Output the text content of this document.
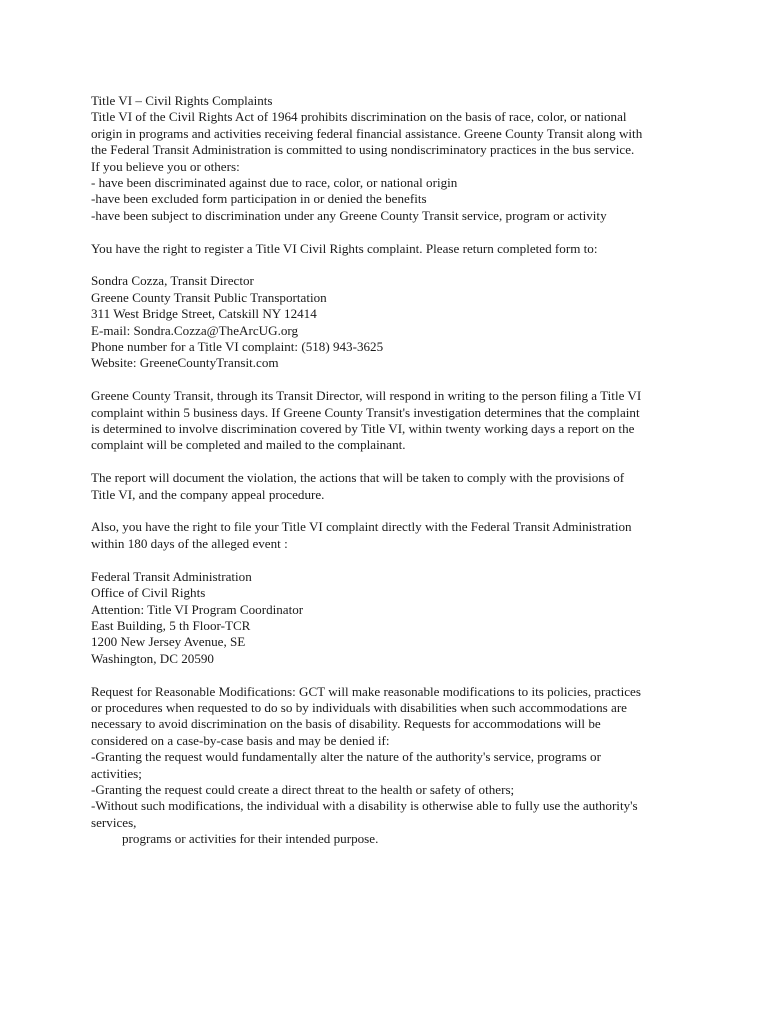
Title VI – Civil Rights Complaints
Title VI of the Civil Rights Act of 1964 prohibits discrimination on the basis of race, color, or national
origin in programs and activities receiving federal financial assistance. Greene County Transit along with
the Federal Transit Administration is committed to using nondiscriminatory practices in the bus service.
If you believe you or others:
- have been discriminated against due to race, color, or national origin
-have been excluded form participation in or denied the benefits
-have been subject to discrimination under any Greene County Transit service, program or activity
You have the right to register a Title VI Civil Rights complaint. Please return completed form to:
Sondra Cozza, Transit Director
Greene County Transit Public Transportation
311 West Bridge Street, Catskill NY 12414
E-mail: Sondra.Cozza@TheArcUG.org
Phone number for a Title VI complaint: (518) 943-3625
Website: GreeneCountyTransit.com
Greene County Transit, through its Transit Director, will respond in writing to the person filing a Title VI
complaint within 5 business days. If Greene County Transit's investigation determines that the complaint
is determined to involve discrimination covered by Title VI, within twenty working days a report on the
complaint will be completed and mailed to the complainant.
The report will document the violation, the actions that will be taken to comply with the provisions of
Title VI, and the company appeal procedure.
Also, you have the right to file your Title VI complaint directly with the Federal Transit Administration
within 180 days of the alleged event :
Federal Transit Administration
Office of Civil Rights
Attention: Title VI Program Coordinator
East Building, 5 th Floor-TCR
1200 New Jersey Avenue, SE
Washington, DC 20590
Request for Reasonable Modifications: GCT will make reasonable modifications to its policies, practices
or procedures when requested to do so by individuals with disabilities when such accommodations are
necessary to avoid discrimination on the basis of disability. Requests for accommodations will be
considered on a case-by-case basis and may be denied if:
-Granting the request would fundamentally alter the nature of the authority's service, programs or
activities;
-Granting the request could create a direct threat to the health or safety of others;
-Without such modifications, the individual with a disability is otherwise able to fully use the authority's
services,
programs or activities for their intended purpose.
